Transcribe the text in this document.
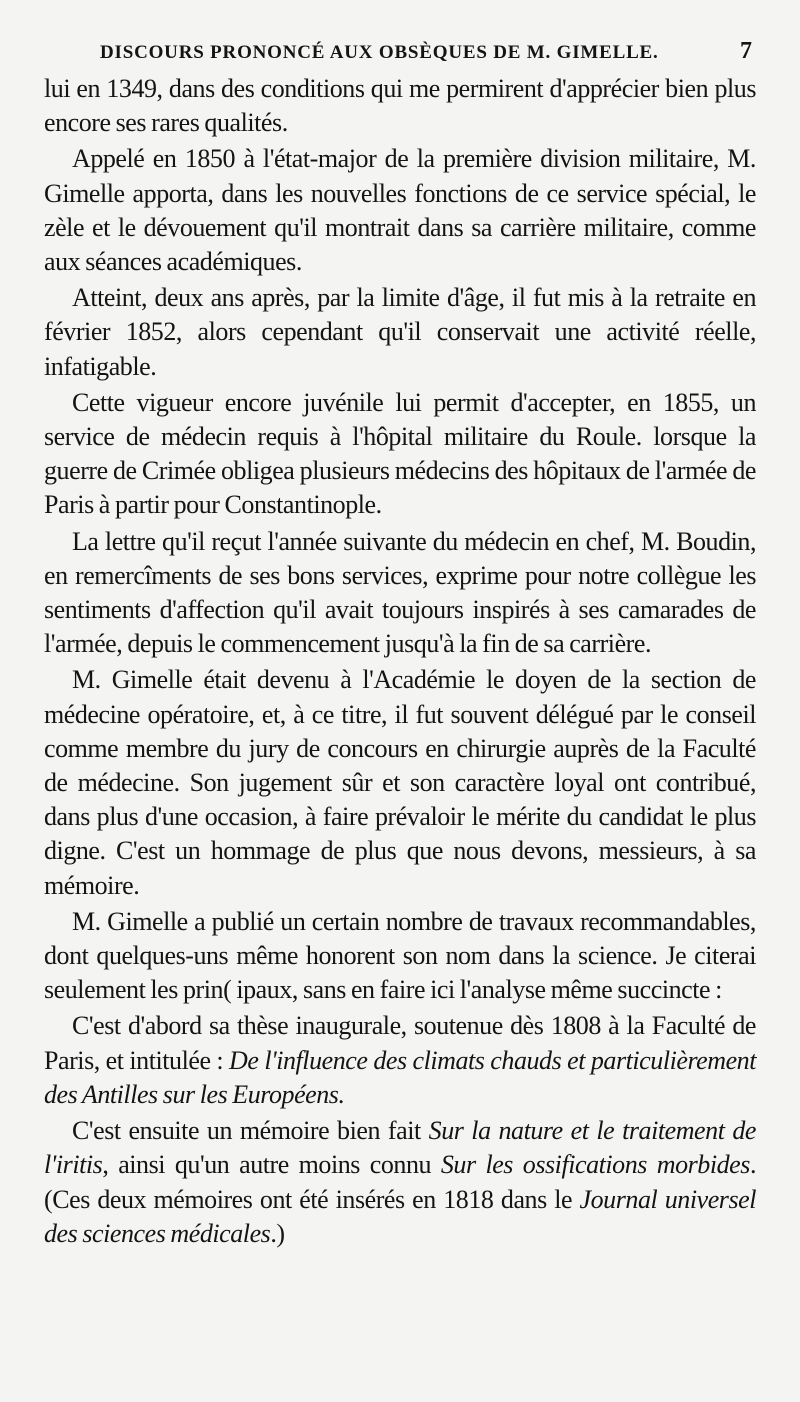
DISCOURS PRONONCÉ AUX OBSÈQUES DE M. GIMELLE.	7

lui en 1349, dans des conditions qui me permirent d'apprécier bien plus encore ses rares qualités.

Appelé en 1850 à l'état-major de la première division militaire, M. Gimelle apporta, dans les nouvelles fonctions de ce service spécial, le zèle et le dévouement qu'il montrait dans sa carrière militaire, comme aux séances académiques.

Atteint, deux ans après, par la limite d'âge, il fut mis à la retraite en février 1852, alors cependant qu'il conservait une activité réelle, infatigable.

Cette vigueur encore juvénile lui permit d'accepter, en 1855, un service de médecin requis à l'hôpital militaire du Roule. lorsque la guerre de Crimée obligea plusieurs médecins des hôpitaux de l'armée de Paris à partir pour Constantinople.

La lettre qu'il reçut l'année suivante du médecin en chef, M. Boudin, en remercîments de ses bons services, exprime pour notre collègue les sentiments d'affection qu'il avait toujours inspirés à ses camarades de l'armée, depuis le commencement jusqu'à la fin de sa carrière.

M. Gimelle était devenu à l'Académie le doyen de la section de médecine opératoire, et, à ce titre, il fut souvent délégué par le conseil comme membre du jury de concours en chirurgie auprès de la Faculté de médecine. Son jugement sûr et son caractère loyal ont contribué, dans plus d'une occasion, à faire prévaloir le mérite du candidat le plus digne. C'est un hommage de plus que nous devons, messieurs, à sa mémoire.

M. Gimelle a publié un certain nombre de travaux recommandables, dont quelques-uns même honorent son nom dans la science. Je citerai seulement les prin( ipaux, sans en faire ici l'analyse même succincte :

C'est d'abord sa thèse inaugurale, soutenue dès 1808 à la Faculté de Paris, et intitulée : De l'influence des climats chauds et particulièrement des Antilles sur les Européens.

C'est ensuite un mémoire bien fait Sur la nature et le traitement de l'iritis, ainsi qu'un autre moins connu Sur les ossifications morbides. (Ces deux mémoires ont été insérés en 1818 dans le Journal universel des sciences médicales.)
